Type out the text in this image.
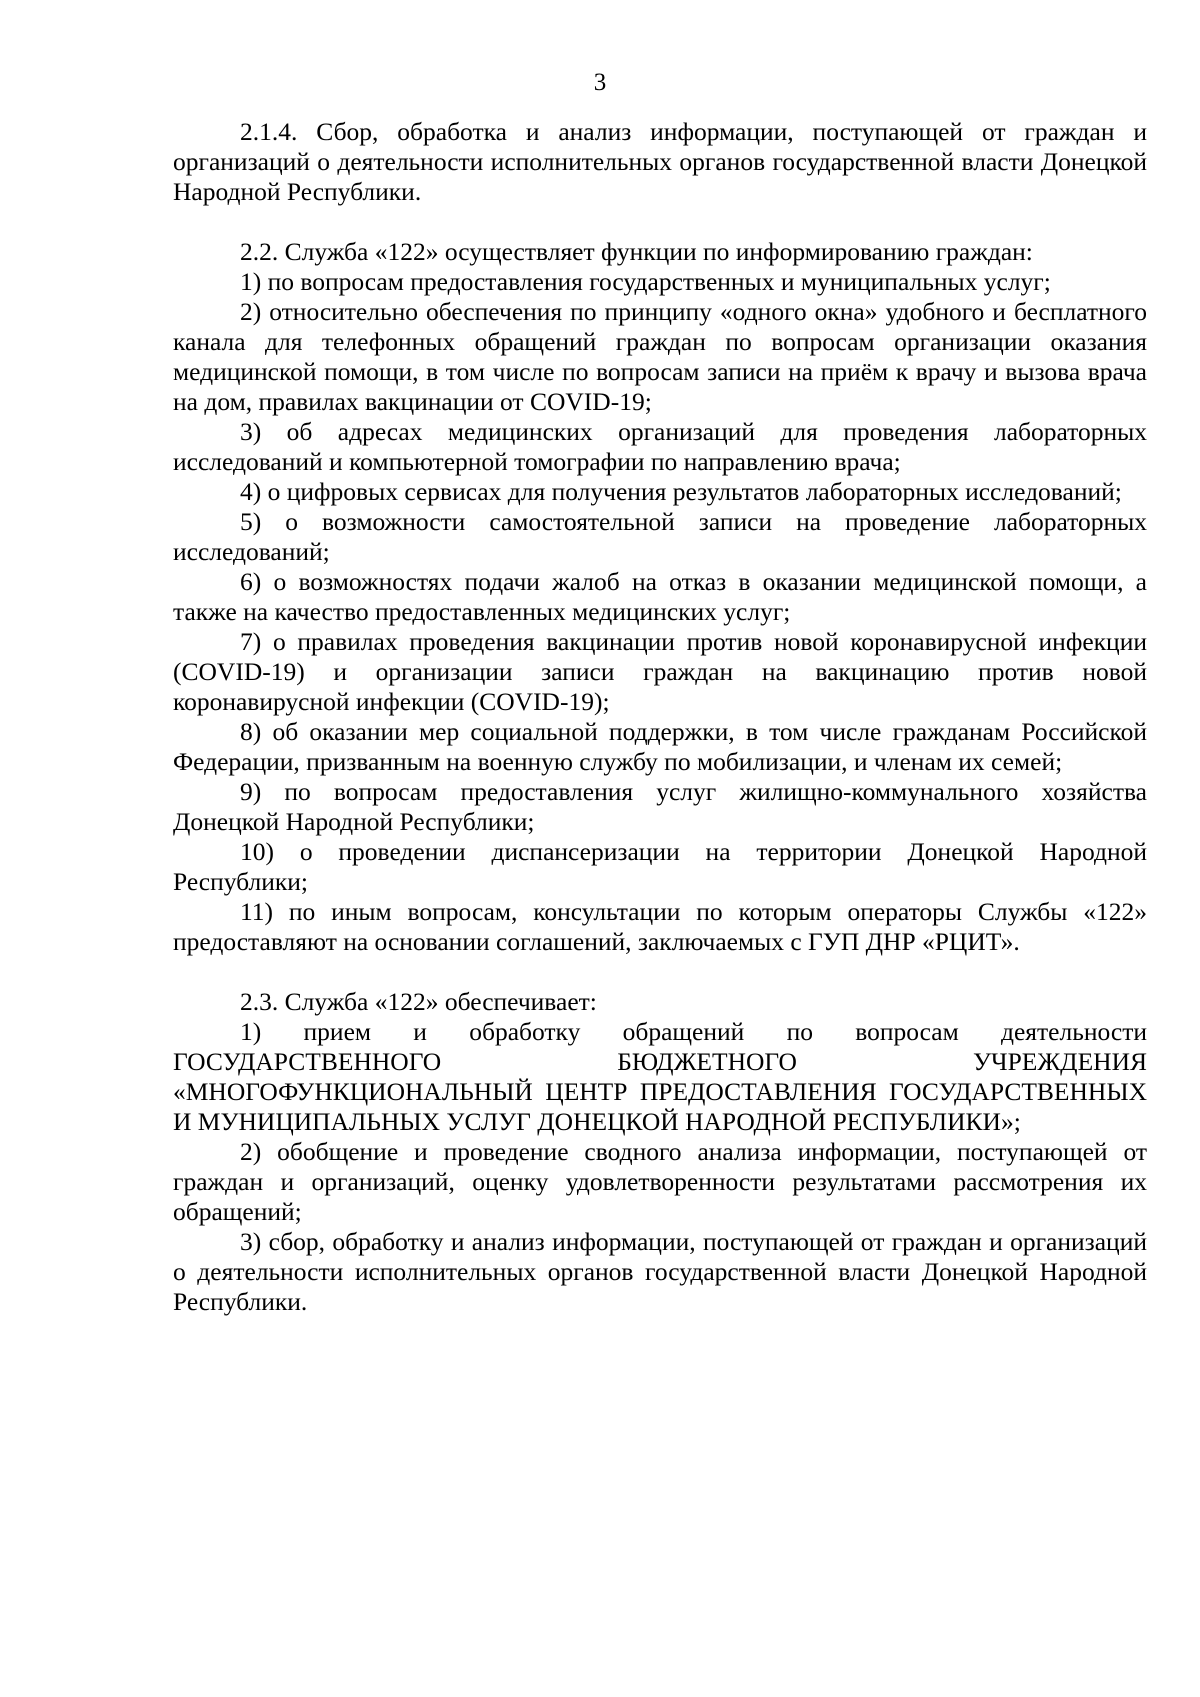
3

2.1.4. Сбор, обработка и анализ информации, поступающей от граждан и организаций о деятельности исполнительных органов государственной власти Донецкой Народной Республики.

2.2. Служба «122» осуществляет функции по информированию граждан:

1) по вопросам предоставления государственных и муниципальных услуг;

2) относительно обеспечения по принципу «одного окна» удобного и бесплатного канала для телефонных обращений граждан по вопросам организации оказания медицинской помощи, в том числе по вопросам записи на приём к врачу и вызова врача на дом, правилах вакцинации от COVID-19;

3) об адресах медицинских организаций для проведения лабораторных исследований и компьютерной томографии по направлению врача;

4) о цифровых сервисах для получения результатов лабораторных исследований;

5) о возможности самостоятельной записи на проведение лабораторных исследований;

6) о возможностях подачи жалоб на отказ в оказании медицинской помощи, а также на качество предоставленных медицинских услуг;

7) о правилах проведения вакцинации против новой коронавирусной инфекции (COVID-19) и организации записи граждан на вакцинацию против новой коронавирусной инфекции (COVID-19);

8) об оказании мер социальной поддержки, в том числе гражданам Российской Федерации, призванным на военную службу по мобилизации, и членам их семей;

9) по вопросам предоставления услуг жилищно-коммунального хозяйства Донецкой Народной Республики;

10) о проведении диспансеризации на территории Донецкой Народной Республики;

11) по иным вопросам, консультации по которым операторы Службы «122» предоставляют на основании соглашений, заключаемых с ГУП ДНР «РЦИТ».

2.3. Служба «122» обеспечивает:

1) прием и обработку обращений по вопросам деятельности ГОСУДАРСТВЕННОГО БЮДЖЕТНОГО УЧРЕЖДЕНИЯ «МНОГОФУНКЦИОНАЛЬНЫЙ ЦЕНТР ПРЕДОСТАВЛЕНИЯ ГОСУДАРСТВЕННЫХ И МУНИЦИПАЛЬНЫХ УСЛУГ ДОНЕЦКОЙ НАРОДНОЙ РЕСПУБЛИКИ»;

2) обобщение и проведение сводного анализа информации, поступающей от граждан и организаций, оценку удовлетворенности результатами рассмотрения их обращений;

3) сбор, обработку и анализ информации, поступающей от граждан и организаций о деятельности исполнительных органов государственной власти Донецкой Народной Республики.
